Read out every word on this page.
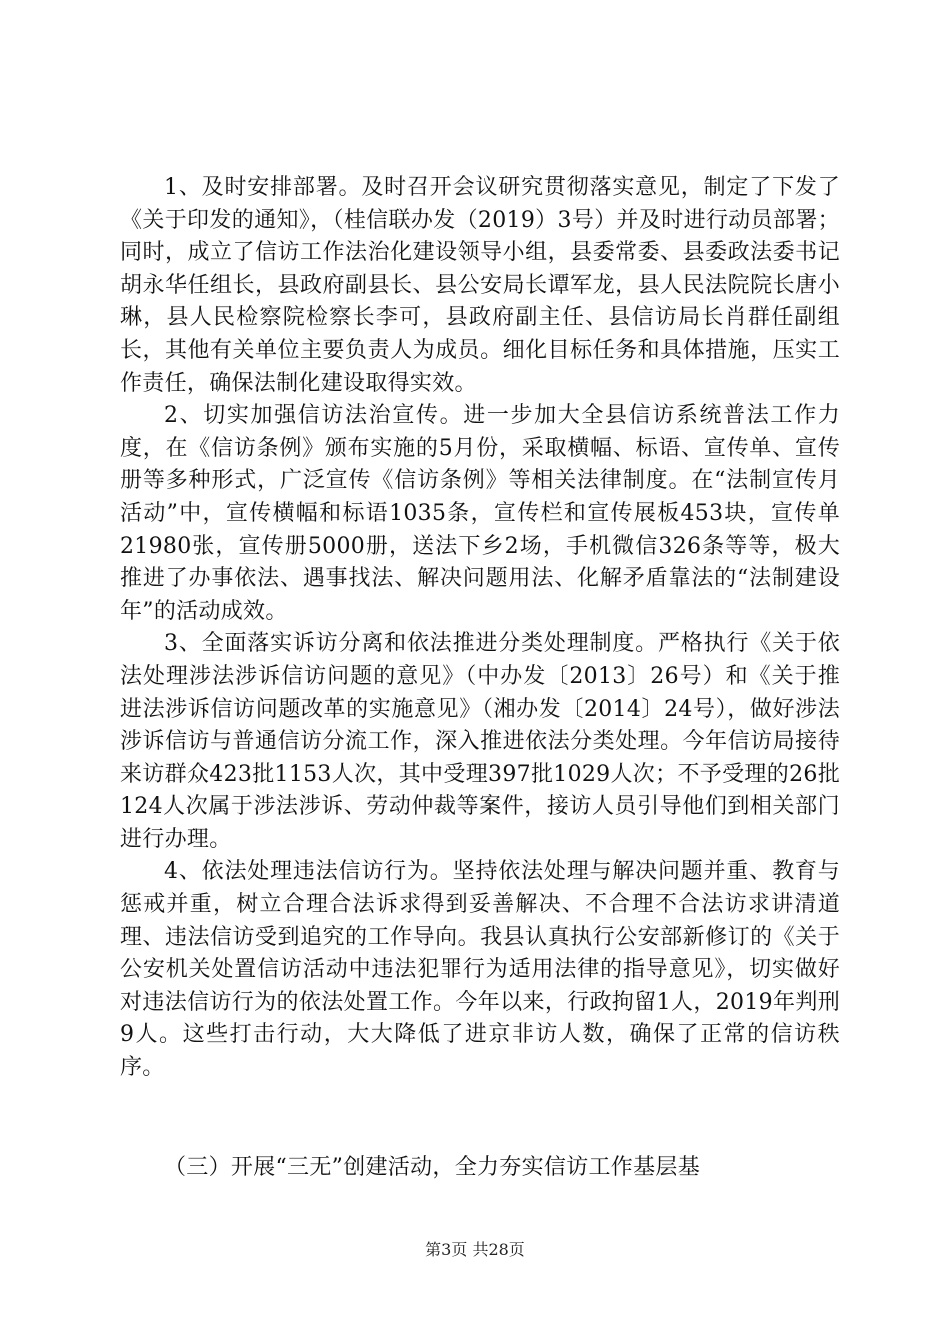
1、及时安排部署。及时召开会议研究贯彻落实意见，制定了下发了《关于印发的通知》，（桂信联办发（2019）3号）并及时进行动员部署；同时，成立了信访工作法治化建设领导小组，县委常委、县委政法委书记胡永华任组长，县政府副县长、县公安局长谭军龙，县人民法院院长唐小琳，县人民检察院检察长李可，县政府副主任、县信访局长肖群任副组长，其他有关单位主要负责人为成员。细化目标任务和具体措施，压实工作责任，确保法制化建设取得实效。

2、切实加强信访法治宣传。进一步加大全县信访系统普法工作力度，在《信访条例》颁布实施的5月份，采取横幅、标语、宣传单、宣传册等多种形式，广泛宣传《信访条例》等相关法律制度。在“法制宣传月活动”中，宣传横幅和标语1035条，宣传栏和宣传展板453块，宣传单21980张，宣传册5000册，送法下乡2场，手机微信326条等等，极大推进了办事依法、遇事找法、解决问题用法、化解矛盾靠法的“法制建设年”的活动成效。

3、全面落实诉访分离和依法推进分类处理制度。严格执行《关于依法处理涉法涉诉信访问题的意见》（中办发〔2013〕26号）和《关于推进法涉诉信访问题改革的实施意见》（湘办发〔2014〕24号），做好涉法涉诉信访与普通信访分流工作，深入推进依法分类处理。今年信访局接待来访群众423批1153人次，其中受理397批1029人次；不予受理的26批124人次属于涉法涉诉、劳动仲裁等案件，接访人员引导他们到相关部门进行办理。

4、依法处理违法信访行为。坚持依法处理与解决问题并重、教育与惩戒并重，树立合理合法诉求得到妥善解决、不合理不合法访求讲清道理、违法信访受到追究的工作导向。我县认真执行公安部新修订的《关于公安机关处置信访活动中违法犯罪行为适用法律的指导意见》，切实做好对违法信访行为的依法处置工作。今年以来，行政拘留1人，2019年判刑9人。这些打击行动，大大降低了进京非访人数，确保了正常的信访秩序。

（三）开展“三无”创建活动，全力夯实信访工作基层基

第3页 共28页
